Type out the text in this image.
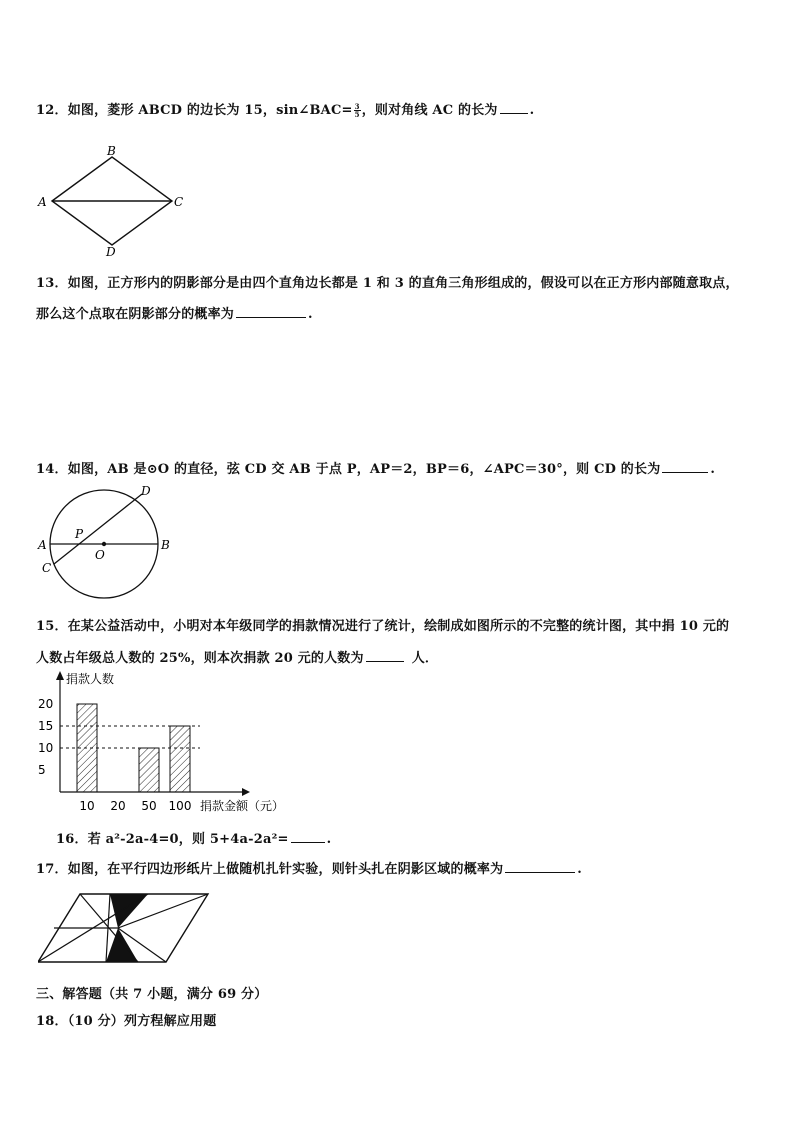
12．如图，菱形 ABCD 的边长为 15，sin∠BAC= $\frac{3}{5}$ ，则对角线 AC 的长为 .
B
A	C
D
13．如图，正方形内的阴影部分是由四个直角边长都是 1 和 3 的直角三角形组成的，假设可以在正方形内部随意取点，
那么这个点取在阴影部分的概率为	.
14．如图，AB 是⊙O 的直径，弦 CD 交 AB 于点 P，AP＝2，BP＝6，∠APC＝30°，则 CD 的长为	.
A	B
C
D
P
O
15．在某公益活动中，小明对本年级同学的捐款情况进行了统计，绘制成如图所示的不完整的统计图，其中捐 10 元的
人数占年级总人数的 25%，则本次捐款 20 元的人数为	人．
5
10
15
20
10 20 50 100
捐款人数
捐款金额（元）
16．若 a²-2a-4=0，则 5+4a-2a²=	.
17．如图，在平行四边形纸片上做随机扎针实验，则针头扎在阴影区域的概率为	.
三、解答题（共 7 小题，满分 69 分）
18．（10 分）列方程解应用题
